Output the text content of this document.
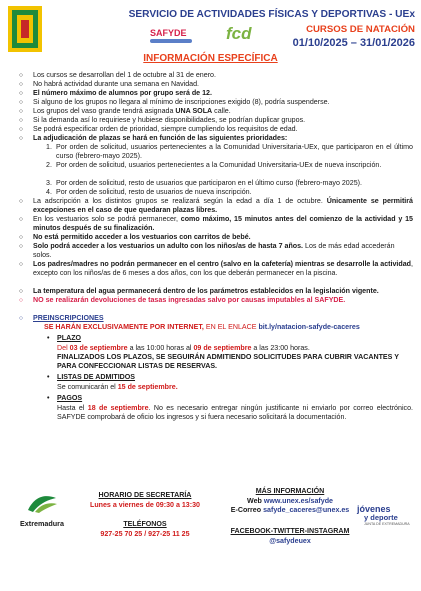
SERVICIO DE ACTIVIDADES FÍSICAS Y DEPORTIVAS - UEx
SAFYDE	fcd	CURSOS DE NATACIÓN
01/10/2025 – 31/01/2026
INFORMACIÓN ESPECÍFICA
○ Los cursos se desarrollan del 1 de octubre al 31 de enero.
○ No habrá actividad durante una semana en Navidad.
○ El número máximo de alumnos por grupo será de 12.
○ Si alguno de los grupos no llegara al mínimo de inscripciones exigido (8), podría suspenderse.
○ Los grupos del vaso grande tendrá asignada UNA SOLA calle.
○ Si la demanda así lo requiriese y hubiese disponibilidades, se podrían duplicar grupos.
○ Se podrá especificar orden de prioridad, siempre cumpliendo los requisitos de edad.
○ La adjudicación de plazas se hará en función de las siguientes prioridades:
1. Por orden de solicitud, usuarios pertenecientes a la Comunidad Universitaria-UEx, que participaron en el último curso (febrero-mayo 2025).
2. Por orden de solicitud, usuarios pertenecientes a la Comunidad Universitaria-UEx de nueva inscripción.
3. Por orden de solicitud, resto de usuarios que participaron en el último curso (febrero-mayo 2025).
4. Por orden de solicitud, resto de usuarios de nueva inscripción.
○ La adscripción a los distintos grupos se realizará según la edad a día 1 de octubre. Únicamente se permitirá excepciones en el caso de que quedaran plazas libres.
○ En los vestuarios solo se podrá permanecer, como máximo, 15 minutos antes del comienzo de la actividad y 15 minutos después de su finalización.
○ No está permitido acceder a los vestuarios con carritos de bebé.
○ Solo podrá acceder a los vestuarios un adulto con los niños/as de hasta 7 años. Los de más edad accederán solos.
○ Los padres/madres no podrán permanecer en el centro (salvo en la cafetería) mientras se desarrolle la actividad, excepto con los niños/as de 6 meses a dos años, con los que deberán permanecer en la piscina.
○ La temperatura del agua permanecerá dentro de los parámetros establecidos en la legislación vigente.
○ NO se realizarán devoluciones de tasas ingresadas salvo por causas imputables al SAFYDE.
○ PREINSCRIPCIONES
SE HARÁN EXCLUSIVAMENTE POR INTERNET, EN EL ENLACE bit.ly/natacion-safyde-caceres
• PLAZO
Del 03 de septiembre a las 10:00 horas al 09 de septiembre a las 23:00 horas.
FINALIZADOS LOS PLAZOS, SE SEGUIRÁN ADMITIENDO SOLICITUDES PARA CUBRIR VACANTES Y PARA CONFECCIONAR LISTAS DE RESERVAS.
• LISTAS DE ADMITIDOS
Se comunicarán el 15 de septiembre.
• PAGOS
Hasta el 18 de septiembre. No es necesario entregar ningún justificante ni enviarlo por correo electrónico. SAFYDE comprobará de oficio los ingresos y si fuera necesario solicitará la documentación.
Extremadura
HORARIO DE SECRETARÍA
Lunes a viernes de 09:30 a 13:30
TELÉFONOS
927-25 70 25 / 927-25 11 25
MÁS INFORMACIÓN
Web www.unex.es/safyde
E-Correo safyde_caceres@unex.es
FACEBOOK-TWITTER-INSTAGRAM
@safydeuex
jóvenes
y deporte
JUNTA DE EXTREMADURA
